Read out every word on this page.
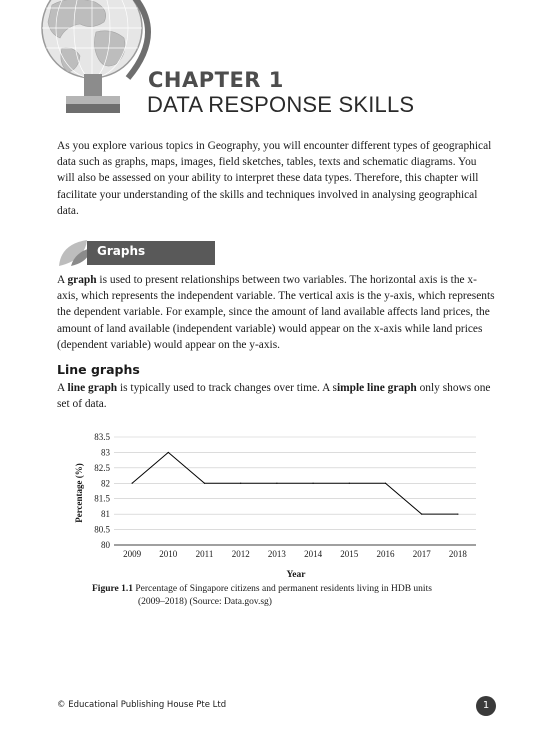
CHAPTER 1
DATA RESPONSE SKILLS

As you explore various topics in Geography, you will encounter different types of geographical data such as graphs, maps, images, field sketches, tables, texts and schematic diagrams. You will also be assessed on your ability to interpret these data types. Therefore, this chapter will facilitate your understanding of the skills and techniques involved in analysing geographical data.

Graphs

A graph is used to present relationships between two variables. The horizontal axis is the x-axis, which represents the independent variable. The vertical axis is the y-axis, which represents the dependent variable. For example, since the amount of land available affects land prices, the amount of land available (independent variable) would appear on the x-axis while land prices (dependent variable) would appear on the y-axis.

Line graphs

A line graph is typically used to track changes over time. A simple line graph only shows one set of data.

80
80.5
81
81.5
82
82.5
83
83.5
2009 2010 2011 2012 2013 2014 2015 2016 2017 2018
Percentage (%)
Year
Figure 1.1 Percentage of Singapore citizens and permanent residents living in HDB units
(2009–2018) (Source: Data.gov.sg)
© Educational Publishing House Pte Ltd	1
